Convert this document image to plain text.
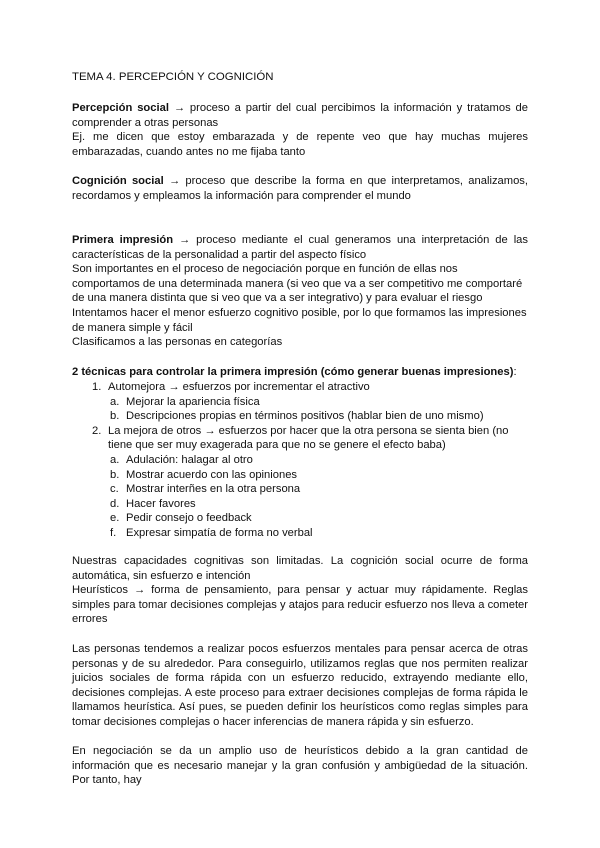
TEMA 4. PERCEPCIÓN Y COGNICIÓN
Percepción social → proceso a partir del cual percibimos la información y tratamos de comprender a otras personas
Ej. me dicen que estoy embarazada y de repente veo que hay muchas mujeres embarazadas, cuando antes no me fijaba tanto
Cognición social → proceso que describe la forma en que interpretamos, analizamos, recordamos y empleamos la información para comprender el mundo
Primera impresión → proceso mediante el cual generamos una interpretación de las características de la personalidad a partir del aspecto físico
Son importantes en el proceso de negociación porque en función de ellas nos comportamos de una determinada manera (si veo que va a ser competitivo me comportaré de una manera distinta que si veo que va a ser integrativo) y para evaluar el riesgo
Intentamos hacer el menor esfuerzo cognitivo posible, por lo que formamos las impresiones de manera simple y fácil
Clasificamos a las personas en categorías
2 técnicas para controlar la primera impresión (cómo generar buenas impresiones):
1. Automejora → esfuerzos por incrementar el atractivo
a. Mejorar la apariencia física
b. Descripciones propias en términos positivos (hablar bien de uno mismo)
2. La mejora de otros → esfuerzos por hacer que la otra persona se sienta bien (no tiene que ser muy exagerada para que no se genere el efecto baba)
a. Adulación: halagar al otro
b. Mostrar acuerdo con las opiniones
c. Mostrar interñes en la otra persona
d. Hacer favores
e. Pedir consejo o feedback
f. Expresar simpatía de forma no verbal
Nuestras capacidades cognitivas son limitadas. La cognición social ocurre de forma automática, sin esfuerzo e intención
Heurísticos → forma de pensamiento, para pensar y actuar muy rápidamente. Reglas simples para tomar decisiones complejas y atajos para reducir esfuerzo nos lleva a cometer errores
Las personas tendemos a realizar pocos esfuerzos mentales para pensar acerca de otras personas y de su alrededor. Para conseguirlo, utilizamos reglas que nos permiten realizar juicios sociales de forma rápida con un esfuerzo reducido, extrayendo mediante ello, decisiones complejas. A este proceso para extraer decisiones complejas de forma rápida le llamamos heurística. Así pues, se pueden definir los heurísticos como reglas simples para tomar decisiones complejas o hacer inferencias de manera rápida y sin esfuerzo.
En negociación se da un amplio uso de heurísticos debido a la gran cantidad de información que es necesario manejar y la gran confusión y ambigüedad de la situación. Por tanto, hay
